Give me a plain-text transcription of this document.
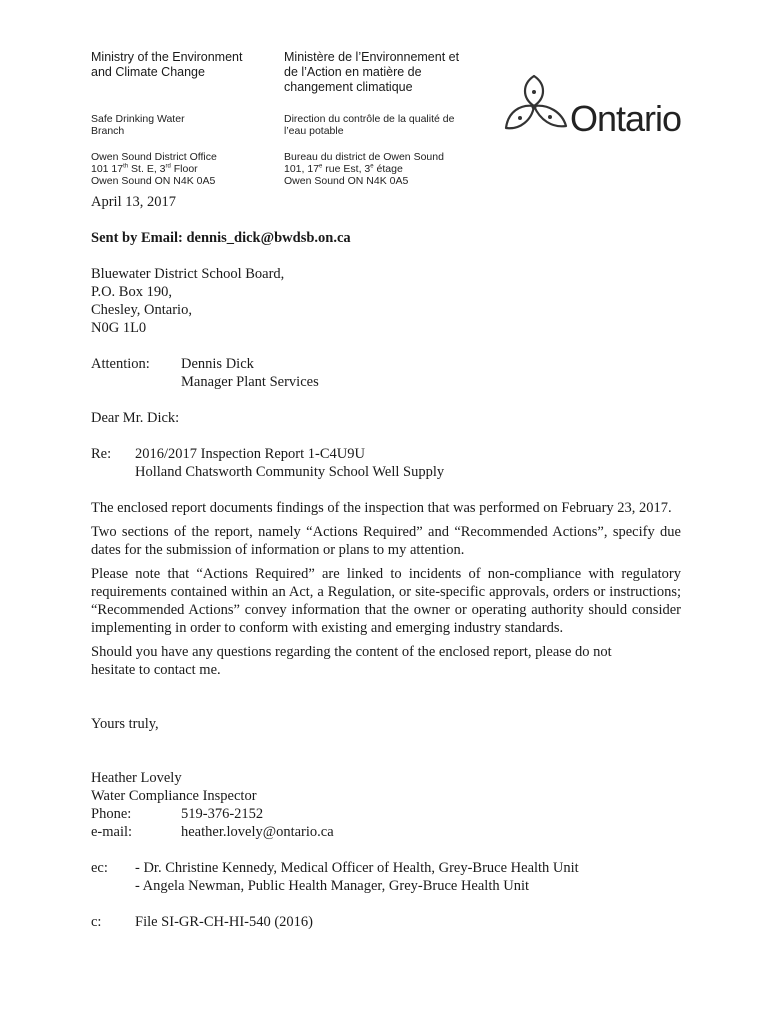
Ministry of the Environment
and Climate Change
Ministère de l’Environnement et
de l’Action en matière de
changement climatique
Safe Drinking Water
Branch
Direction du contrôle de la qualité de
l’eau potable
Owen Sound District Office
101 17th St. E, 3rd Floor
Owen Sound ON N4K 0A5
Bureau du district de Owen Sound
101, 17e rue Est, 3e étage
Owen Sound ON N4K 0A5
Ontario

April 13, 2017

Sent by Email: dennis_dick@bwdsb.on.ca

Bluewater District School Board,

P.O. Box 190,

Chesley, Ontario,

N0G 1L0

Attention:	Dennis Dick

Manager Plant Services

Dear Mr. Dick:

Re:	2016/2017 Inspection Report 1-C4U9U

Holland Chatsworth Community School Well Supply

The enclosed report documents findings of the inspection that was performed on February 23, 2017.

Two sections of the report, namely “Actions Required” and “Recommended Actions”, specify due dates for the submission of information or plans to my attention.

Please note that “Actions Required” are linked to incidents of non-compliance with regulatory requirements contained within an Act, a Regulation, or site-specific approvals, orders or instructions; “Recommended Actions” convey information that the owner or operating authority should consider implementing in order to conform with existing and emerging industry standards.

Should you have any questions regarding the content of the enclosed report, please do not

hesitate to contact me.

Yours truly,

Heather Lovely

Water Compliance Inspector

Phone:	519-376-2152
e-mail:	heather.lovely@ontario.ca
ec:	- Dr. Christine Kennedy, Medical Officer of Health, Grey-Bruce Health Unit

- Angela Newman, Public Health Manager, Grey-Bruce Health Unit

c:	File SI-GR-CH-HI-540 (2016)
